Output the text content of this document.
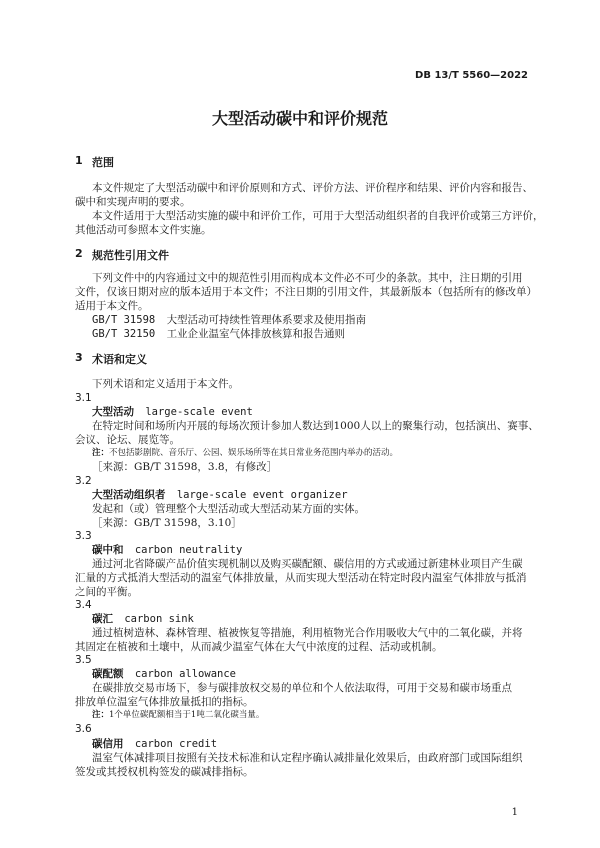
DB 13/T 5560—2022
大型活动碳中和评价规范
1 范围
本文件规定了大型活动碳中和评价原则和方式、评价方法、评价程序和结果、评价内容和报告、
碳中和实现声明的要求。
本文件适用于大型活动实施的碳中和评价工作，可用于大型活动组织者的自我评价或第三方评价，
其他活动可参照本文件实施。
2 规范性引用文件
下列文件中的内容通过文中的规范性引用而构成本文件必不可少的条款。其中，注日期的引用
文件，仅该日期对应的版本适用于本文件；不注日期的引用文件，其最新版本（包括所有的修改单）
适用于本文件。
GB/T 31598 大型活动可持续性管理体系要求及使用指南
GB/T 32150 工业企业温室气体排放核算和报告通则
3 术语和定义
下列术语和定义适用于本文件。
3.1
大型活动 large-scale event
在特定时间和场所内开展的每场次预计参加人数达到1000人以上的聚集行动，包括演出、赛事、
会议、论坛、展览等。
注：不包括影剧院、音乐厅、公园、娱乐场所等在其日常业务范围内举办的活动。
［来源：GB/T 31598，3.8，有修改］
3.2
大型活动组织者 large-scale event organizer
发起和（或）管理整个大型活动或大型活动某方面的实体。
［来源：GB/T 31598，3.10］
3.3
碳中和 carbon neutrality
通过河北省降碳产品价值实现机制以及购买碳配额、碳信用的方式或通过新建林业项目产生碳
汇量的方式抵消大型活动的温室气体排放量，从而实现大型活动在特定时段内温室气体排放与抵消
之间的平衡。
3.4
碳汇 carbon sink
通过植树造林、森林管理、植被恢复等措施，利用植物光合作用吸收大气中的二氧化碳，并将
其固定在植被和土壤中，从而减少温室气体在大气中浓度的过程、活动或机制。
3.5
碳配额 carbon allowance
在碳排放交易市场下，参与碳排放权交易的单位和个人依法取得，可用于交易和碳市场重点
排放单位温室气体排放量抵扣的指标。
注：1个单位碳配额相当于1吨二氧化碳当量。
3.6
碳信用 carbon credit
温室气体减排项目按照有关技术标准和认定程序确认减排量化效果后，由政府部门或国际组织
签发或其授权机构签发的碳减排指标。
1
